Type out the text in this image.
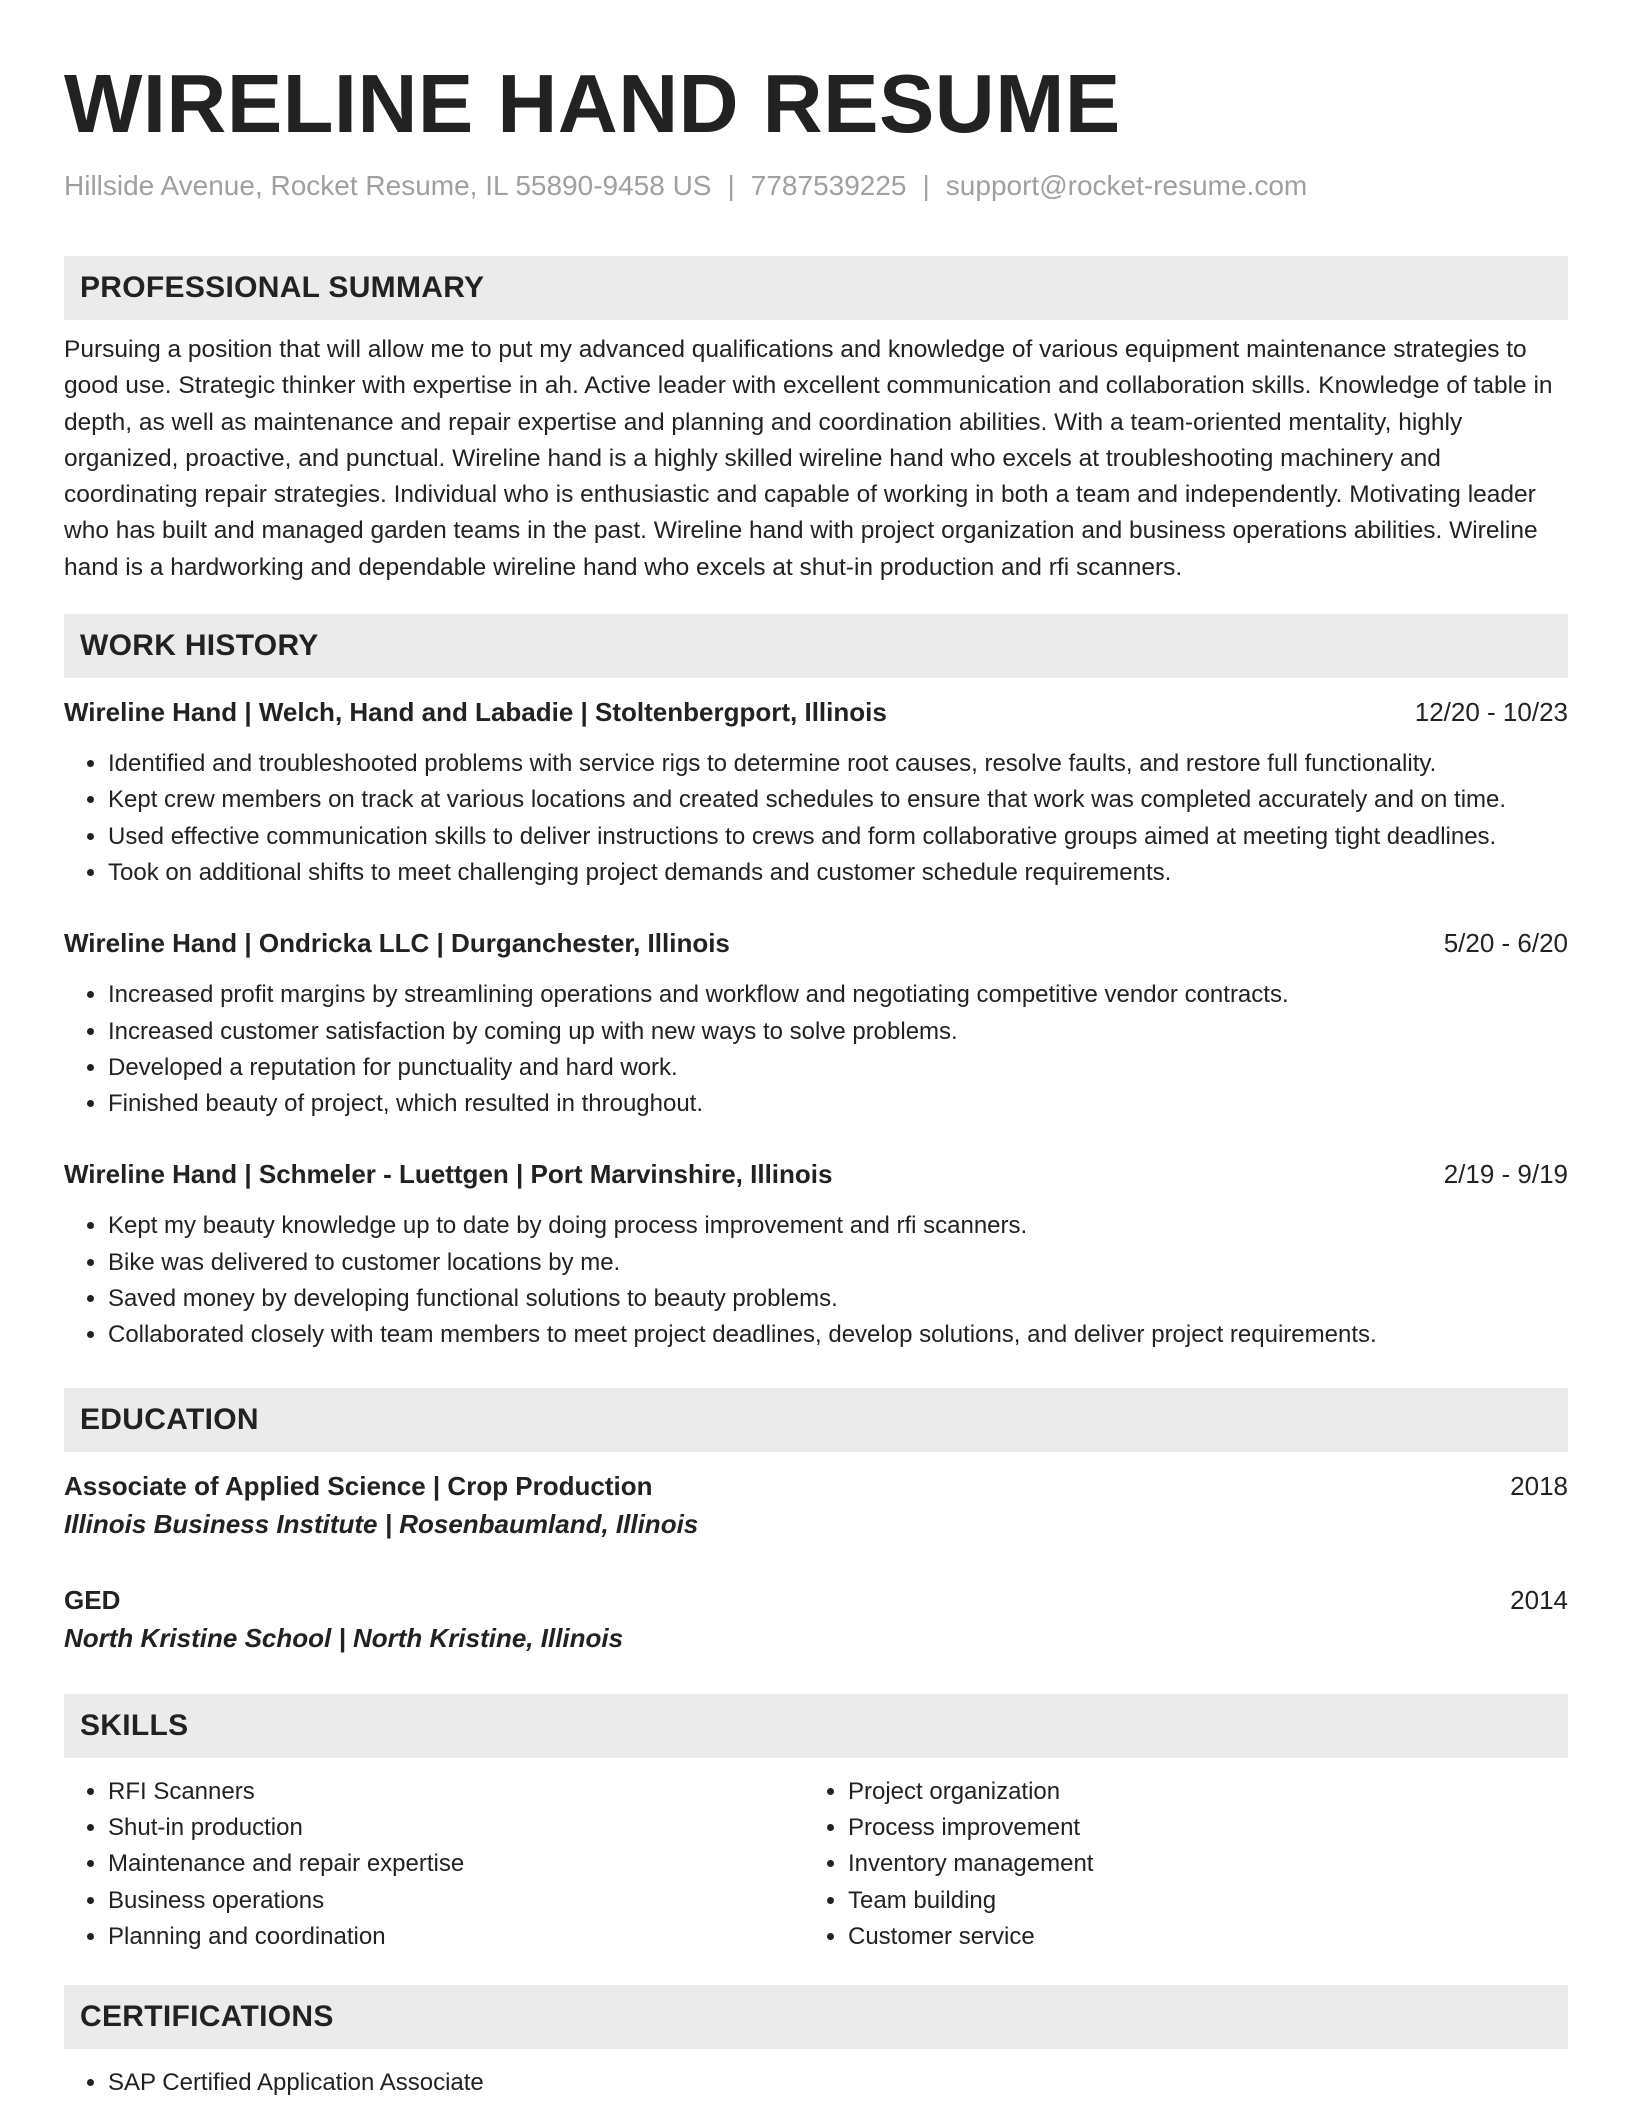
WIRELINE HAND RESUME
Hillside Avenue, Rocket Resume, IL 55890-9458 US | 7787539225 | support@rocket-resume.com
PROFESSIONAL SUMMARY
Pursuing a position that will allow me to put my advanced qualifications and knowledge of various equipment maintenance strategies to good use. Strategic thinker with expertise in ah. Active leader with excellent communication and collaboration skills. Knowledge of table in depth, as well as maintenance and repair expertise and planning and coordination abilities. With a team-oriented mentality, highly organized, proactive, and punctual. Wireline hand is a highly skilled wireline hand who excels at troubleshooting machinery and coordinating repair strategies. Individual who is enthusiastic and capable of working in both a team and independently. Motivating leader who has built and managed garden teams in the past. Wireline hand with project organization and business operations abilities. Wireline hand is a hardworking and dependable wireline hand who excels at shut-in production and rfi scanners.
WORK HISTORY
Wireline Hand | Welch, Hand and Labadie | Stoltenbergport, Illinois	12/20 - 10/23
• Identified and troubleshooted problems with service rigs to determine root causes, resolve faults, and restore full functionality.
• Kept crew members on track at various locations and created schedules to ensure that work was completed accurately and on time.
• Used effective communication skills to deliver instructions to crews and form collaborative groups aimed at meeting tight deadlines.
• Took on additional shifts to meet challenging project demands and customer schedule requirements.
Wireline Hand | Ondricka LLC | Durganchester, Illinois	5/20 - 6/20
• Increased profit margins by streamlining operations and workflow and negotiating competitive vendor contracts.
• Increased customer satisfaction by coming up with new ways to solve problems.
• Developed a reputation for punctuality and hard work.
• Finished beauty of project, which resulted in throughout.
Wireline Hand | Schmeler - Luettgen | Port Marvinshire, Illinois	2/19 - 9/19
• Kept my beauty knowledge up to date by doing process improvement and rfi scanners.
• Bike was delivered to customer locations by me.
• Saved money by developing functional solutions to beauty problems.
• Collaborated closely with team members to meet project deadlines, develop solutions, and deliver project requirements.
EDUCATION
Associate of Applied Science | Crop Production	2018
Illinois Business Institute | Rosenbaumland, Illinois
GED	2014
North Kristine School | North Kristine, Illinois
SKILLS
• RFI Scanners
• Shut-in production
• Maintenance and repair expertise
• Business operations
• Planning and coordination
• Project organization
• Process improvement
• Inventory management
• Team building
• Customer service
CERTIFICATIONS
• SAP Certified Application Associate
